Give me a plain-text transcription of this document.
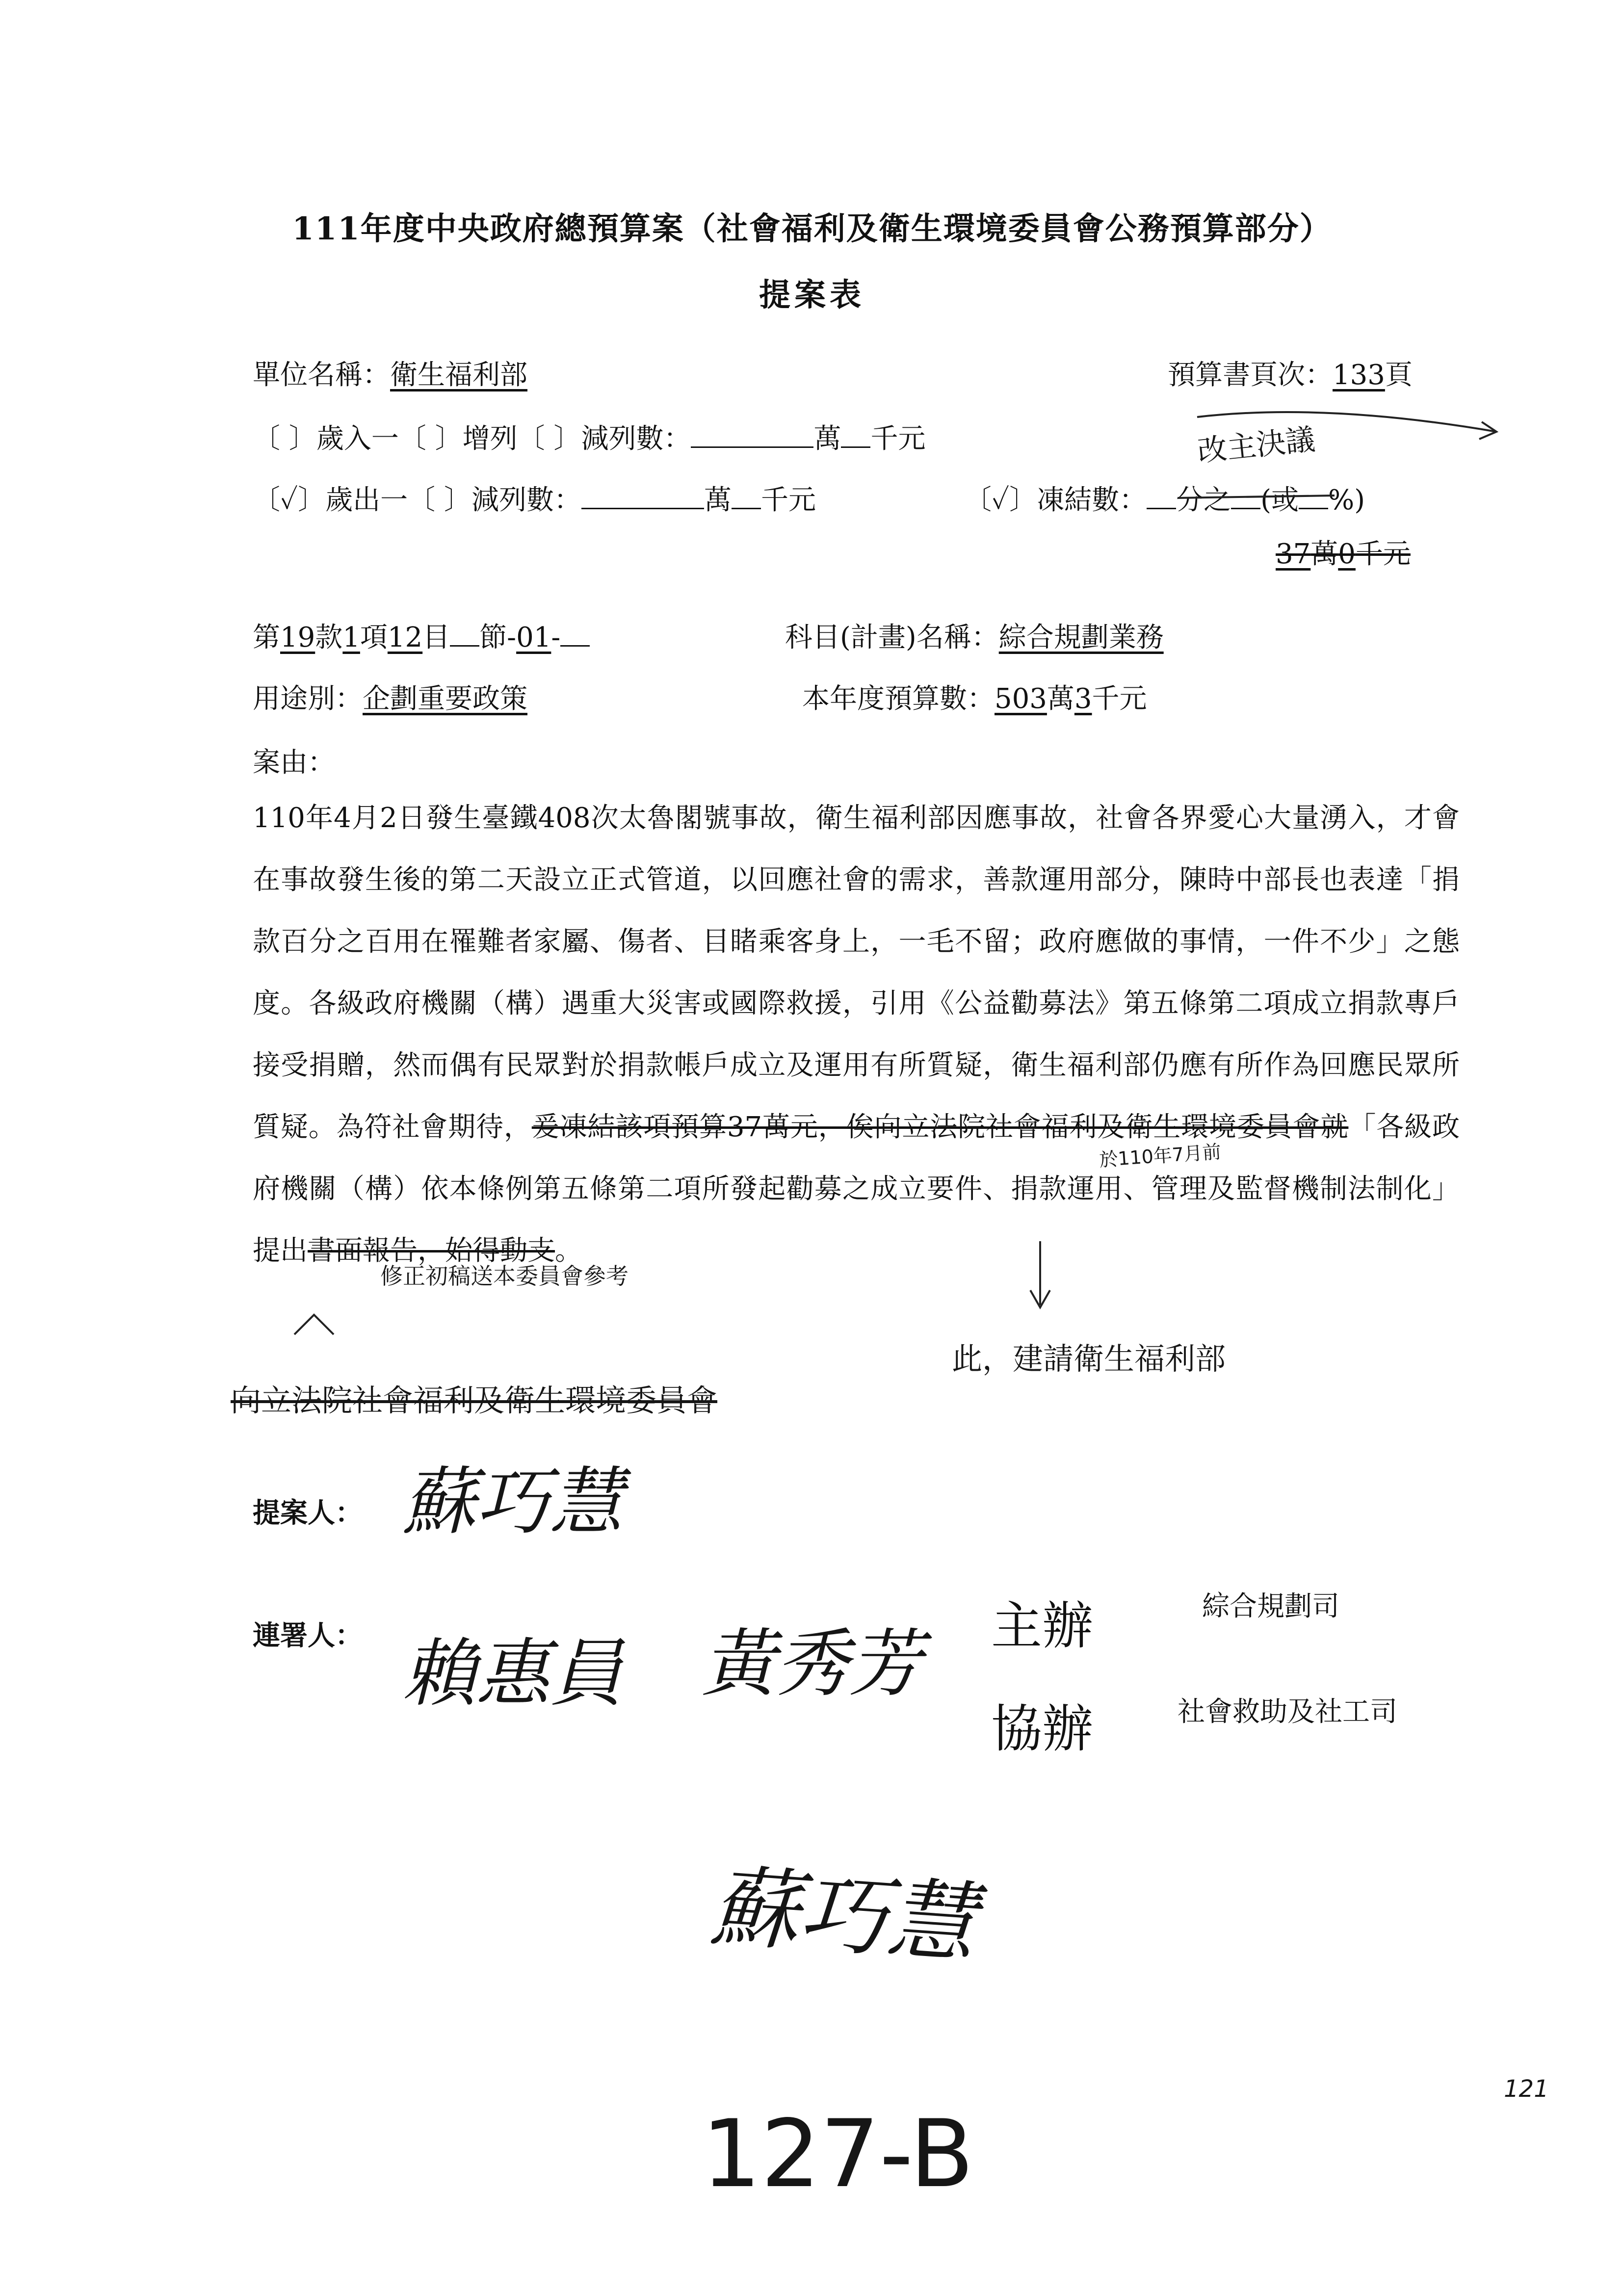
111年度中央政府總預算案（社會福利及衛生環境委員會公務預算部分）
提案表
單位名稱：衛生福利部	預算書頁次：133頁
〔 〕歲入一〔 〕增列〔 〕減列數：	萬 千元
〔✓〕歲出一〔 〕減列數：	萬 千元	〔✓〕凍結數： 分之 (或 %)
37萬0千元
第19款1項12目 節-01-	科目(計畫)名稱：綜合規劃業務
用途別：企劃重要政策	本年度預算數：503萬3千元
案由：
110年4月2日發生臺鐵408次太魯閣號事故，衛生福利部因應事故，社會各界愛心大量湧入，才會在事故發生後的第二天設立正式管道，以回應社會的需求，善款運用部分，陳時中部長也表達「捐款百分之百用在罹難者家屬、傷者、目睹乘客身上，一毛不留；政府應做的事情，一件不少」之態度。各級政府機關（構）遇重大災害或國際救援，引用《公益勸募法》第五條第二項成立捐款專戶接受捐贈，然而偶有民眾對於捐款帳戶成立及運用有所質疑，衛生福利部仍應有所作為回應民眾所質疑。為符社會期待，爰凍結該項預算37萬元，俟向立法院社會福利及衛生環境委員會就「各級政府機關（構）依本條例第五條第二項所發起勸募之成立要件、捐款運用、管理及監督機制法制化」提出書面報告，始得動支。
改主決議
於110年7月前
修正初稿送本委員會參考
此，建請衛生福利部
向立法院社會福利及衛生環境委員會
121
127-B
提案人： 蘇巧慧
連署人： 賴惠員 黃秀芳 主辦	綜合規劃司
協辦	社會救助及社工司
蘇巧慧
